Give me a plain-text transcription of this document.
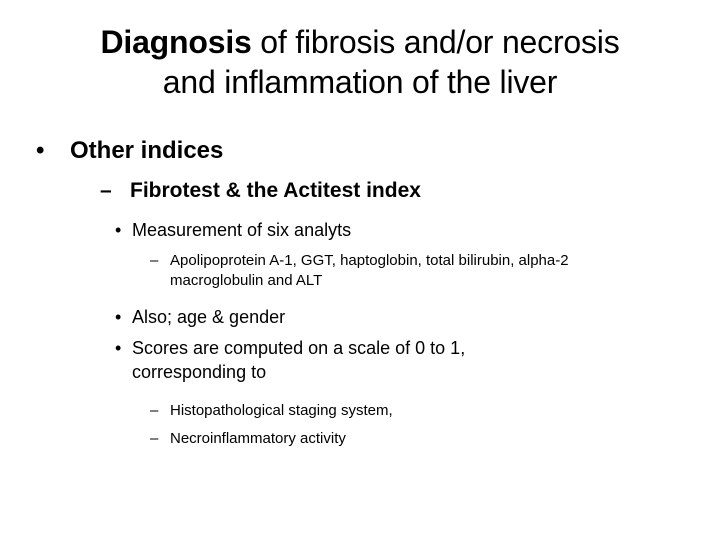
Diagnosis of fibrosis and/or necrosis
and inflammation of the liver
• Other indices
– Fibrotest & the Actitest index
• Measurement of six analyts
– Apolipoprotein A-1, GGT, haptoglobin, total bilirubin, alpha-2
macroglobulin and ALT
• Also; age & gender
• Scores are computed on a scale of 0 to 1,
corresponding to
– Histopathological staging system,
– Necroinflammatory activity
